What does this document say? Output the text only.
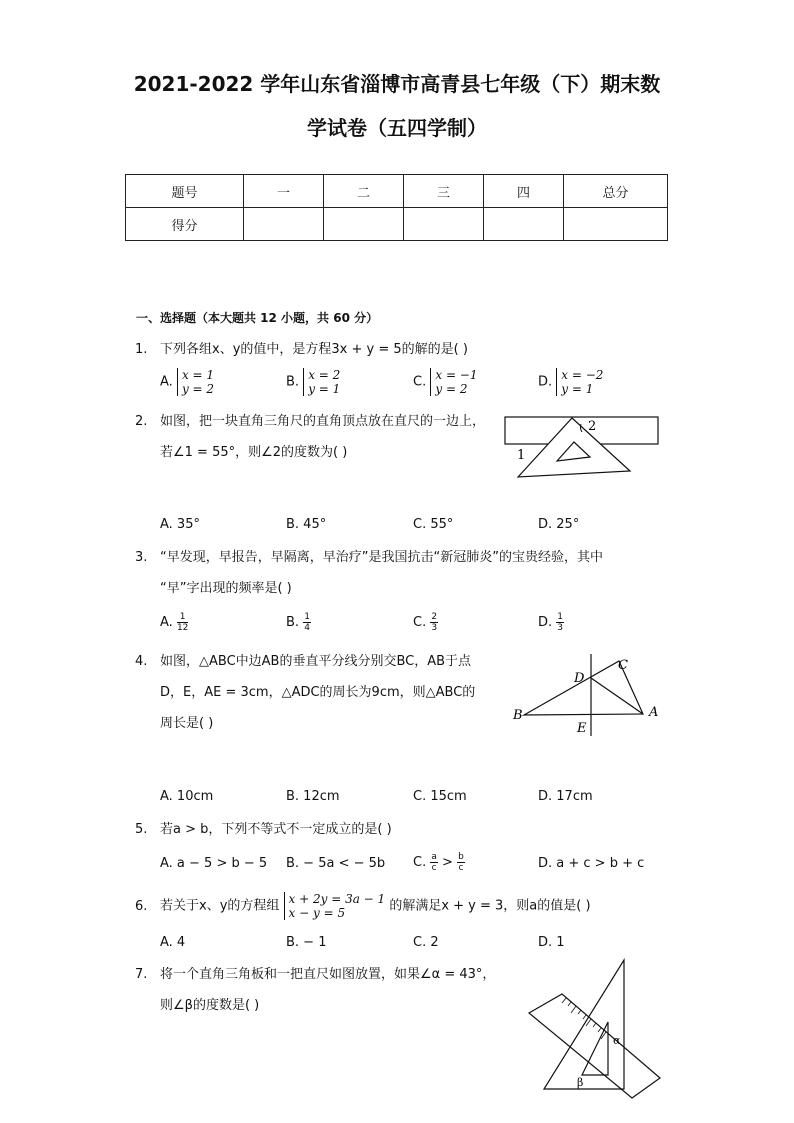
2021-2022 学年山东省淄博市高青县七年级（下）期末数
学试卷（五四学制）
题号	一	二	三	四	总分
得分					
一、选择题（本大题共 12 小题，共 60 分）
1. 下列各组x、y的值中，是方程3x + y = 5的解的是( )
A. x = 1
y = 2	B. x = 2
y = 1	C. x = −1
y = 2	D. x = −2
y = 1
2. 如图，把一块直角三角尺的直角顶点放在直尺的一边上，
若∠1 = 55°，则∠2的度数为( )
2
1
A. 35°	B. 45°	C. 55°	D. 25°
3. “早发现，早报告，早隔离，早治疗”是我国抗击“新冠肺炎”的宝贵经验，其中
“早”字出现的频率是( )
A. $\frac{1}{12}$	B. $\frac{1}{4}$	C. $\frac{2}{3}$	D. $\frac{1}{3}$
4. 如图，△ABC中边AB的垂直平分线分别交BC，AB于点
D，E，AE = 3cm，△ADC的周长为9cm，则△ABC的
周长是( )
B
C
D
E
A
A. 10cm	B. 12cm	C. 15cm	D. 17cm
5. 若a > b，下列不等式不一定成立的是( )
A. a − 5 > b − 5 B. − 5a < − 5b C. $\frac{a}{c} > \frac{b}{c}$	D. a + c > b + c
6. 若关于x、y的方程组 x + 2y = 3a − 1
x − y = 5	的解满足x + y = 3，则a的值是( )
A. 4	B. − 1	C. 2	D. 1
7. 将一个直角三角板和一把直尺如图放置，如果∠α = 43°，
则∠β的度数是( )
α
β
